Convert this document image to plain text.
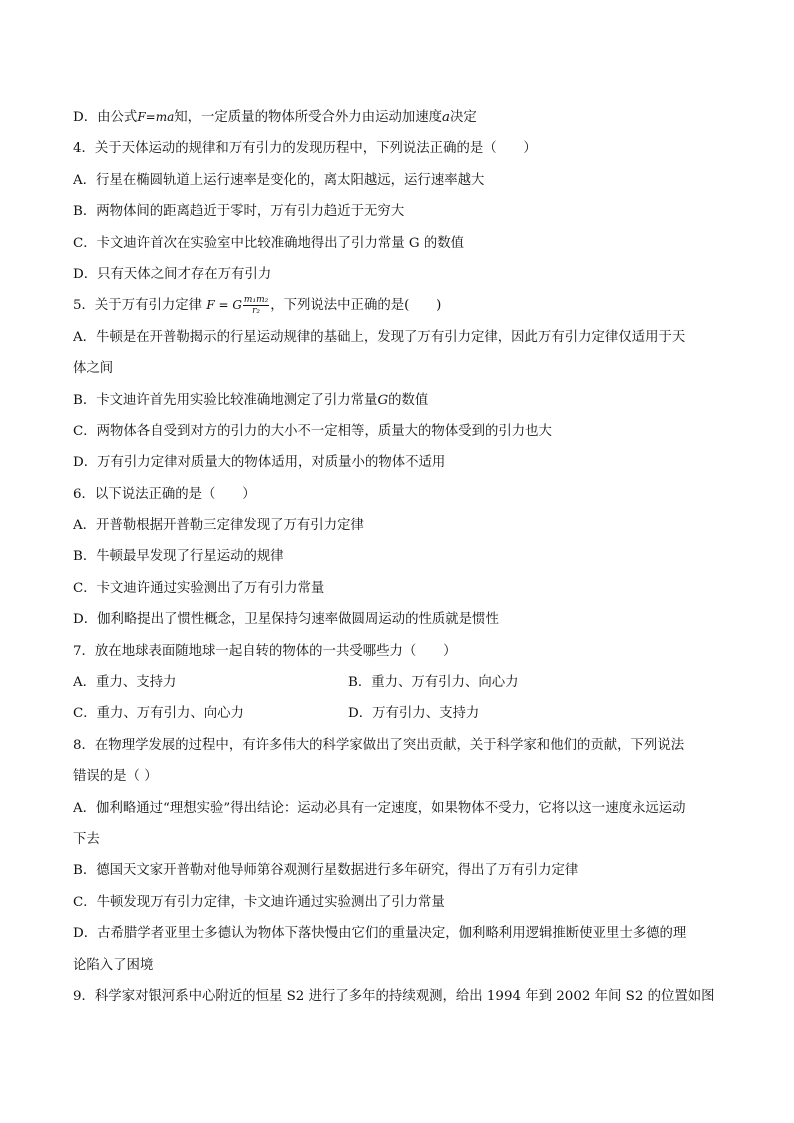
D．由公式F=ma知，一定质量的物体所受合外力由运动加速度a决定
4．关于天体运动的规律和万有引力的发现历程中，下列说法正确的是（　　）
A．行星在椭圆轨道上运行速率是变化的，离太阳越远，运行速率越大
B．两物体间的距离趋近于零时，万有引力趋近于无穷大
C．卡文迪许首次在实验室中比较准确地得出了引力常量 G 的数值
D．只有天体之间才存在万有引力
5．关于万有引力定律 F = G $\frac{\text{m₁m₂}}{\text{r₂}}$ ，下列说法中正确的是(　　)
A．牛顿是在开普勒揭示的行星运动规律的基础上，发现了万有引力定律，因此万有引力定律仅适用于天
体之间
B．卡文迪许首先用实验比较准确地测定了引力常量G的数值
C．两物体各自受到对方的引力的大小不一定相等，质量大的物体受到的引力也大
D．万有引力定律对质量大的物体适用，对质量小的物体不适用
6．以下说法正确的是（　　）
A．开普勒根据开普勒三定律发现了万有引力定律
B．牛顿最早发现了行星运动的规律
C．卡文迪许通过实验测出了万有引力常量
D．伽利略提出了惯性概念，卫星保持匀速率做圆周运动的性质就是惯性
7．放在地球表面随地球一起自转的物体的一共受哪些力（　　）
A．重力、支持力	B．重力、万有引力、向心力
C．重力、万有引力、向心力	D．万有引力、支持力
8．在物理学发展的过程中，有许多伟大的科学家做出了突出贡献，关于科学家和他们的贡献，下列说法
错误的是（ ）
A．伽利略通过“理想实验”得出结论：运动必具有一定速度，如果物体不受力，它将以这一速度永远运动
下去
B．德国天文家开普勒对他导师第谷观测行星数据进行多年研究，得出了万有引力定律
C．牛顿发现万有引力定律，卡文迪许通过实验测出了引力常量
D．古希腊学者亚里士多德认为物体下落快慢由它们的重量决定，伽利略利用逻辑推断使亚里士多德的理
论陷入了困境
9．科学家对银河系中心附近的恒星 S2 进行了多年的持续观测，给出 1994 年到 2002 年间 S2 的位置如图
